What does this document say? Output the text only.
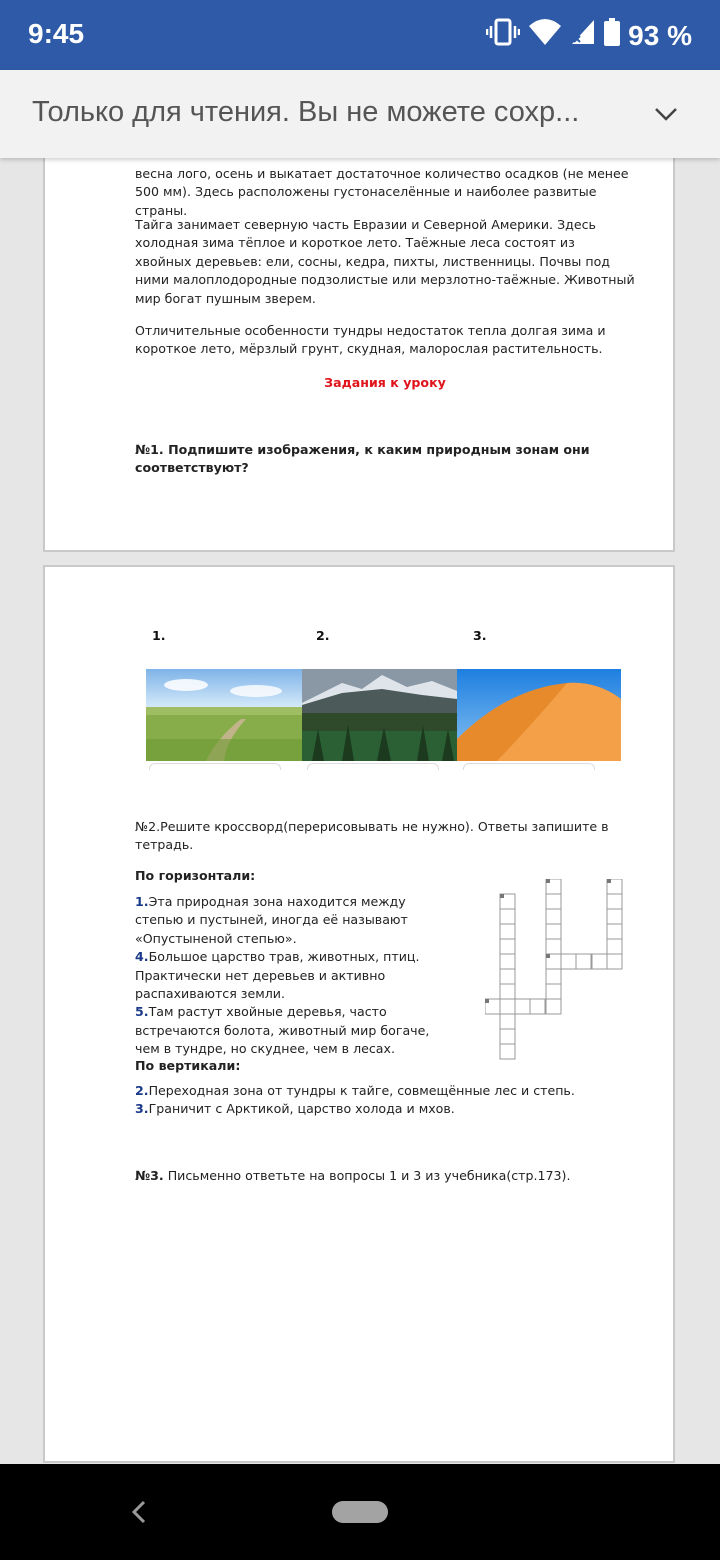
9:45	93 %
Только для чтения. Вы не можете сохр...

весна лого, осень и выкатает достаточное количество осадков (не менее 500 мм). Здесь расположены густонаселённые и наиболее развитые страны.

Тайга занимает северную часть Евразии и Северной Америки. Здесь холодная зима тёплое и короткое лето. Таёжные леса состоят из хвойных деревьев: ели, сосны, кедра, пихты, лиственницы. Почвы под ними малоплодородные подзолистые или мерзлотно-таёжные. Животный мир богат пушным зверем.

Отличительные особенности тундры недостаток тепла долгая зима и короткое лето, мёрзлый грунт, скудная, малорослая растительность.

Задания к уроку

№1. Подпишите изображения, к каким природным зонам они соответствуют?

1.	2.	3.

№2.Решите кроссворд(перерисовывать не нужно). Ответы запишите в тетрадь.

По горизонтали:

1.Эта природная зона находится между степью и пустыней, иногда её называют «Опустыненой степью».
4.Большое царство трав, животных, птиц. Практически нет деревьев и активно распахиваются земли.
5.Там растут хвойные деревья, часто встречаются болота, животный мир богаче, чем в тундре, но скуднее, чем в лесах.

По вертикали:

2.Переходная зона от тундры к тайге, совмещённые лес и степь.
3.Граничит с Арктикой, царство холода и мхов.

№3. Письменно ответьте на вопросы 1 и 3 из учебника(стр.173).
